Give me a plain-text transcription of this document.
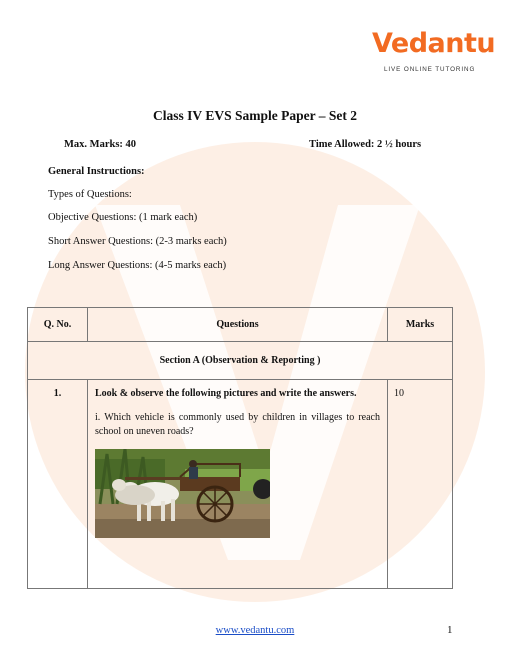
Vedantu
LIVE ONLINE TUTORING
Class IV EVS Sample Paper – Set 2
Max. Marks: 40	Time Allowed: 2 ½ hours
General Instructions:
Types of Questions:
Objective Questions: (1 mark each)
Short Answer Questions: (2-3 marks each)
Long Answer Questions: (4-5 marks each)
Q. No.	Questions	Marks
Section A (Observation & Reporting )		
1.	Look & observe the following pictures and write the answers.
i. Which vehicle is commonly used by children in villages to reach school on uneven roads?	10
www.vedantu.com	1
